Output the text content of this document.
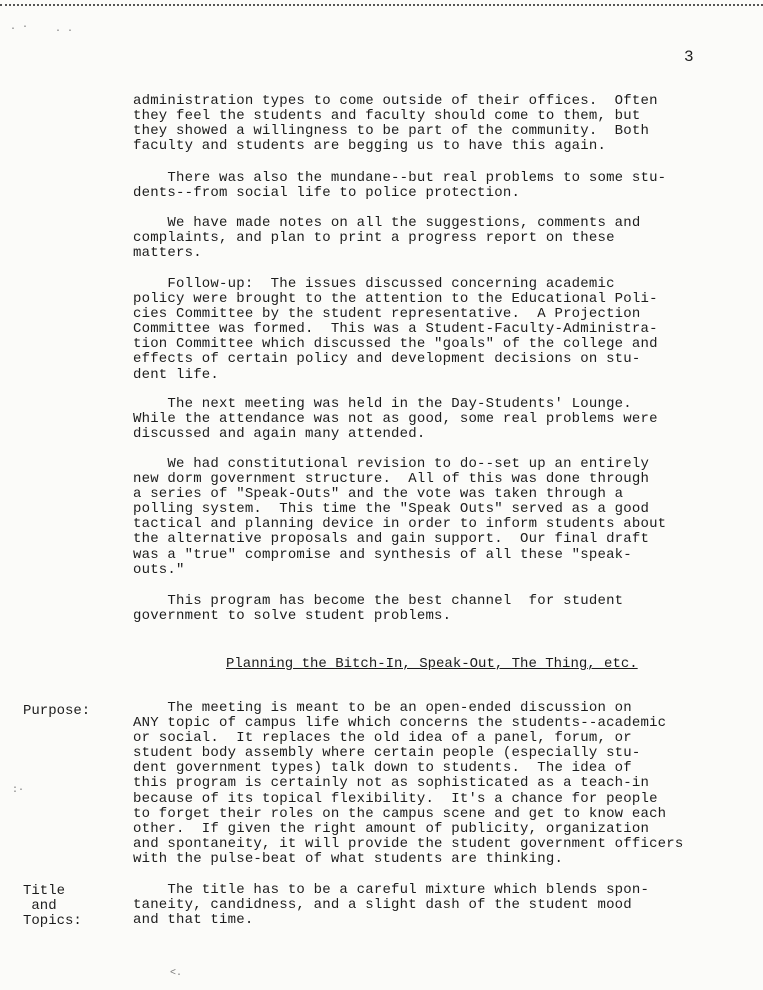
3
administration types to come outside of their offices.  Often
they feel the students and faculty should come to them, but
they showed a willingness to be part of the community.  Both
faculty and students are begging us to have this again.
There was also the mundane--but real problems to some stu-
dents--from social life to police protection.
We have made notes on all the suggestions, comments and
complaints, and plan to print a progress report on these
matters.
Follow-up:  The issues discussed concerning academic
policy were brought to the attention to the Educational Poli-
cies Committee by the student representative.  A Projection
Committee was formed.  This was a Student-Faculty-Administra-
tion Committee which discussed the "goals" of the college and
effects of certain policy and development decisions on stu-
dent life.
The next meeting was held in the Day-Students' Lounge.
While the attendance was not as good, some real problems were
discussed and again many attended.
We had constitutional revision to do--set up an entirely
new dorm government structure.  All of this was done through
a series of "Speak-Outs" and the vote was taken through a
polling system.  This time the "Speak Outs" served as a good
tactical and planning device in order to inform students about
the alternative proposals and gain support.  Our final draft
was a "true" compromise and synthesis of all these "speak-
outs."
This program has become the best channel  for student
government to solve student problems.
Planning the Bitch-In, Speak-Out, The Thing, etc.
Purpose:	The meeting is meant to be an open-ended discussion on
ANY topic of campus life which concerns the students--academic
or social.  It replaces the old idea of a panel, forum, or
student body assembly where certain people (especially stu-
dent government types) talk down to students.  The idea of
this program is certainly not as sophisticated as a teach-in
because of its topical flexibility.  It's a chance for people
to forget their roles on the campus scene and get to know each
other.  If given the right amount of publicity, organization
and spontaneity, it will provide the student government officers
with the pulse-beat of what students are thinking.
Title
and
Topics:
The title has to be a careful mixture which blends spon-
taneity, candidness, and a slight dash of the student mood
and that time.
. ·	· ·
<.
:·
